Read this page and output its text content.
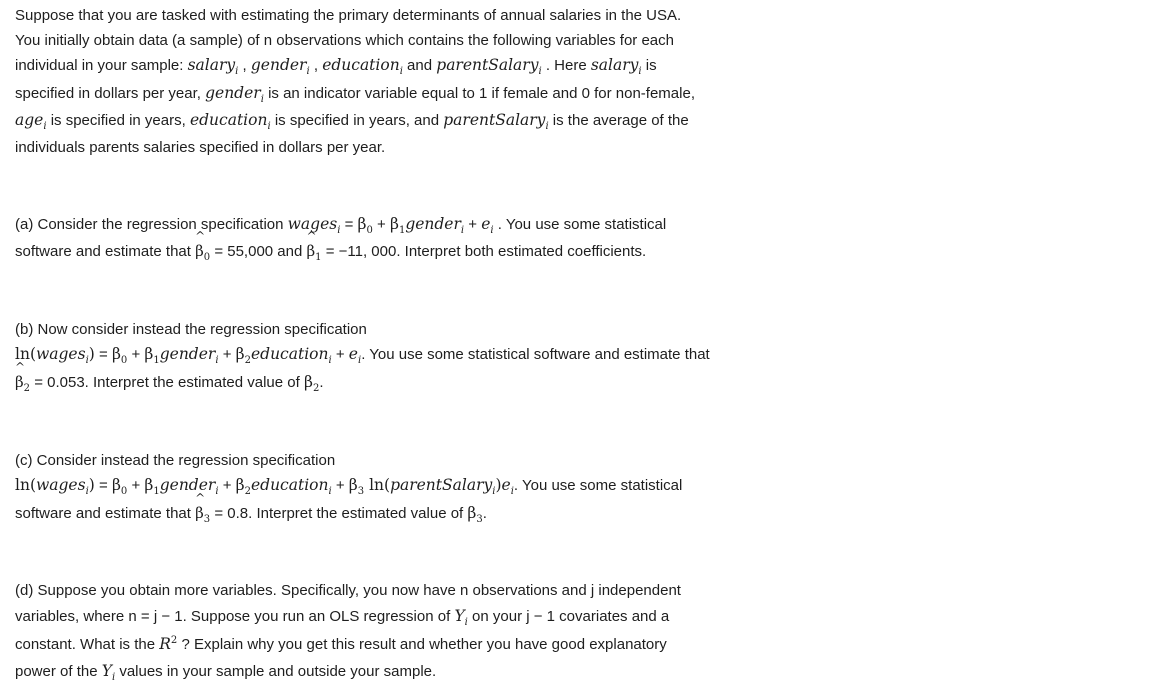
Suppose that you are tasked with estimating the primary determinants of annual salaries in the USA.
You initially obtain data (a sample) of n observations which contains the following variables for each
individual in your sample: salary$_i$ , gender$_i$ , education$_i$ and parentSalary$_i$ . Here salary$_i$ is
specified in dollars per year, gender$_i$ is an indicator variable equal to 1 if female and 0 for non-female,
age$_i$ is specified in years, education$_i$ is specified in years, and parentSalary$_i$ is the average of the
individuals parents salaries specified in dollars per year.

(a) Consider the regression specification wages$_i$ = $\beta_0$ + $\beta_1gender_i + e_i$ . You use some statistical
software and estimate that ^ $\beta_0 = 55,000$ and ^ $\beta_1 = -11$, 000. Interpret both estimated coefficients.

(b) Now consider instead the regression specification
ln(wages$_i$) = $\beta_0$ + $\beta_1gender_i$ + $\beta_2education_i + e_i$. You use some statistical software and estimate that
^ $\beta_2 = 0.053$. Interpret the estimated value of $\beta_2$.

(c) Consider instead the regression specification
ln(wages$_i$) = $\beta_0$ + $\beta_1gender_i$ + $\beta_2education_i + \beta_3$ $\ln(parentSalary_i)e_i$. You use some statistical
software and estimate that ^ $\beta_3 = 0.8$. Interpret the estimated value of $\beta_3$.

(d) Suppose you obtain more variables. Specifically, you now have n observations and j independent
variables, where n = j − 1. Suppose you run an OLS regression of $Y_i$ on your j − 1 covariates and a
constant. What is the $R^2$ ? Explain why you get this result and whether you have good explanatory
power of the $Y_i$ values in your sample and outside your sample.
